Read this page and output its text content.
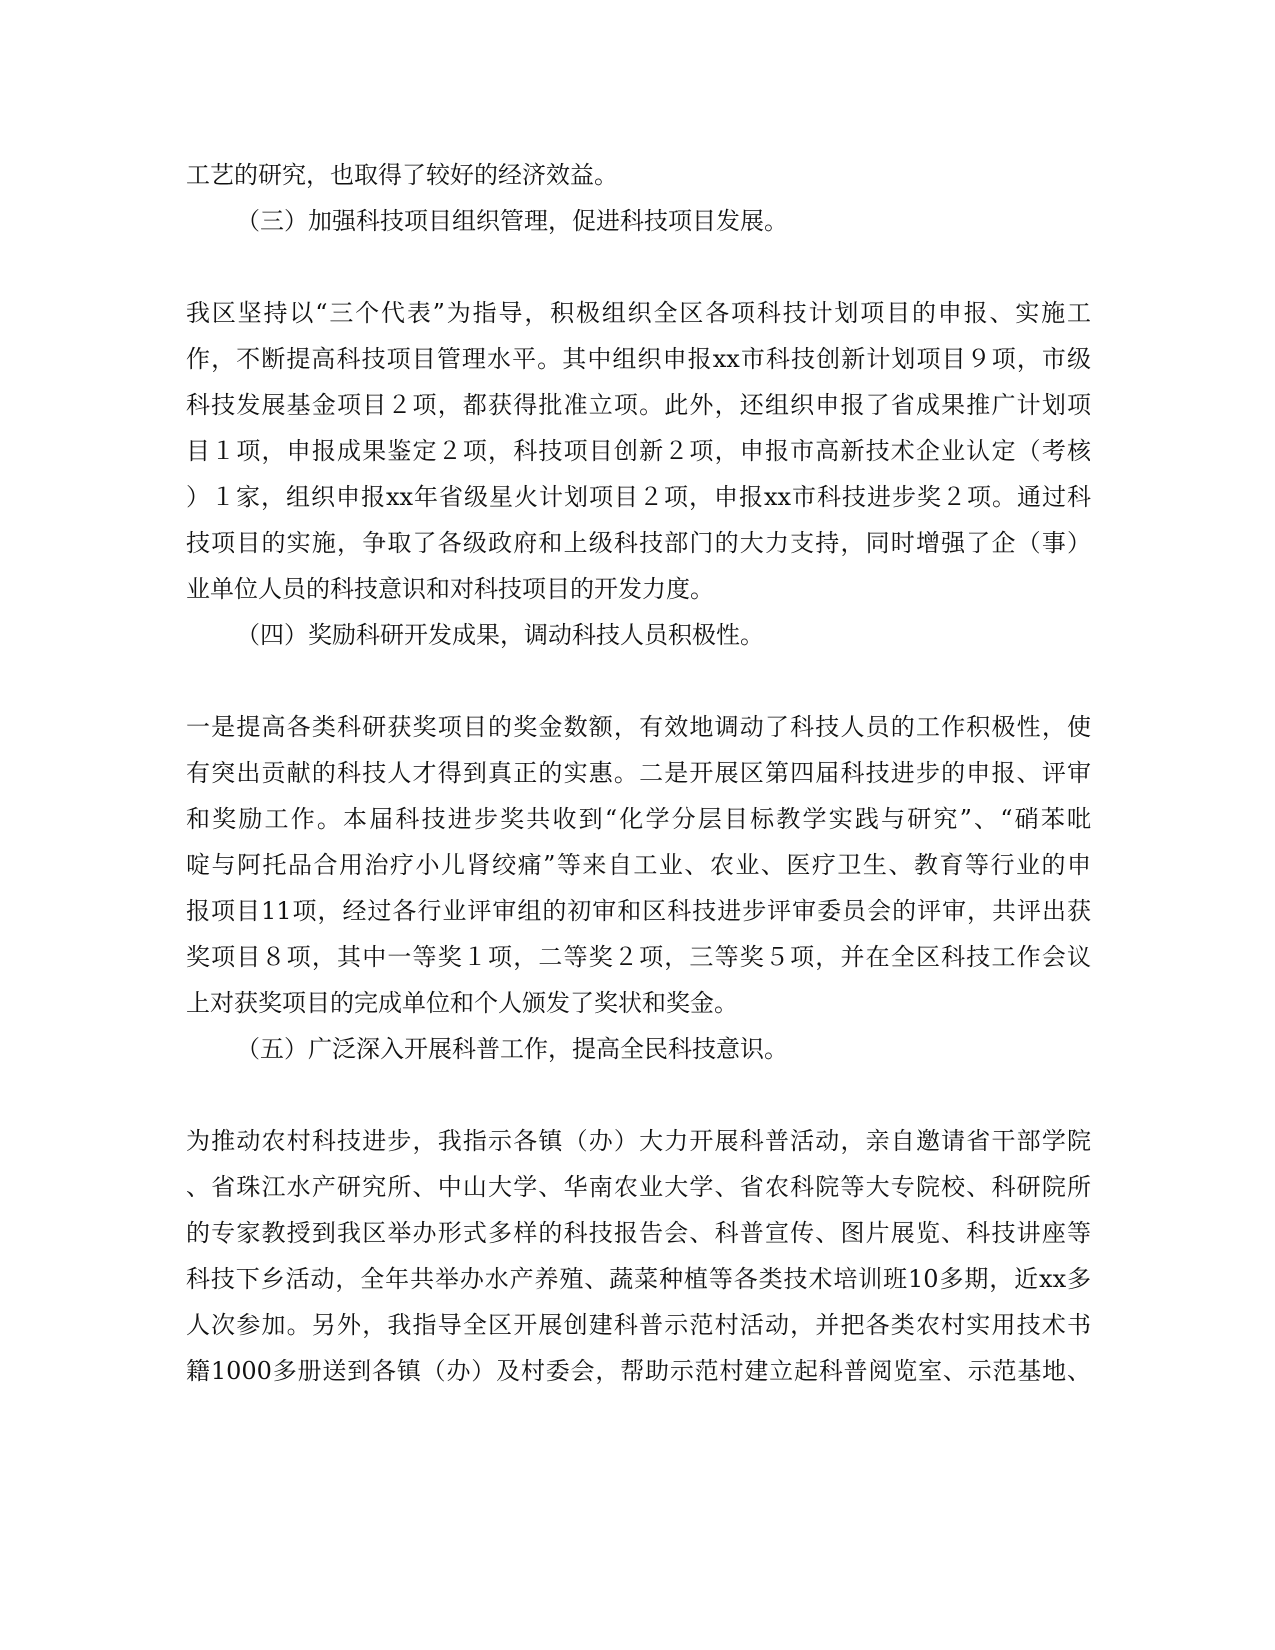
工艺的研究，也取得了较好的经济效益。
（三）加强科技项目组织管理，促进科技项目发展。
我区坚持以“三个代表”为指导，积极组织全区各项科技计划项目的申报、实施工
作，不断提高科技项目管理水平。其中组织申报xx市科技创新计划项目９项，市级
科技发展基金项目２项，都获得批准立项。此外，还组织申报了省成果推广计划项
目１项，申报成果鉴定２项，科技项目创新２项，申报市高新技术企业认定（考核
）１家，组织申报xx年省级星火计划项目２项，申报xx市科技进步奖２项。通过科
技项目的实施，争取了各级政府和上级科技部门的大力支持，同时增强了企（事）
业单位人员的科技意识和对科技项目的开发力度。
（四）奖励科研开发成果，调动科技人员积极性。
一是提高各类科研获奖项目的奖金数额，有效地调动了科技人员的工作积极性，使
有突出贡献的科技人才得到真正的实惠。二是开展区第四届科技进步的申报、评审
和奖励工作。本届科技进步奖共收到“化学分层目标教学实践与研究”、“硝苯吡
啶与阿托品合用治疗小儿肾绞痛”等来自工业、农业、医疗卫生、教育等行业的申
报项目11项，经过各行业评审组的初审和区科技进步评审委员会的评审，共评出获
奖项目８项，其中一等奖１项，二等奖２项，三等奖５项，并在全区科技工作会议
上对获奖项目的完成单位和个人颁发了奖状和奖金。
（五）广泛深入开展科普工作，提高全民科技意识。
为推动农村科技进步，我指示各镇（办）大力开展科普活动，亲自邀请省干部学院
、省珠江水产研究所、中山大学、华南农业大学、省农科院等大专院校、科研院所
的专家教授到我区举办形式多样的科技报告会、科普宣传、图片展览、科技讲座等
科技下乡活动，全年共举办水产养殖、蔬菜种植等各类技术培训班10多期，近xx多
人次参加。另外，我指导全区开展创建科普示范村活动，并把各类农村实用技术书
籍1000多册送到各镇（办）及村委会，帮助示范村建立起科普阅览室、示范基地、
